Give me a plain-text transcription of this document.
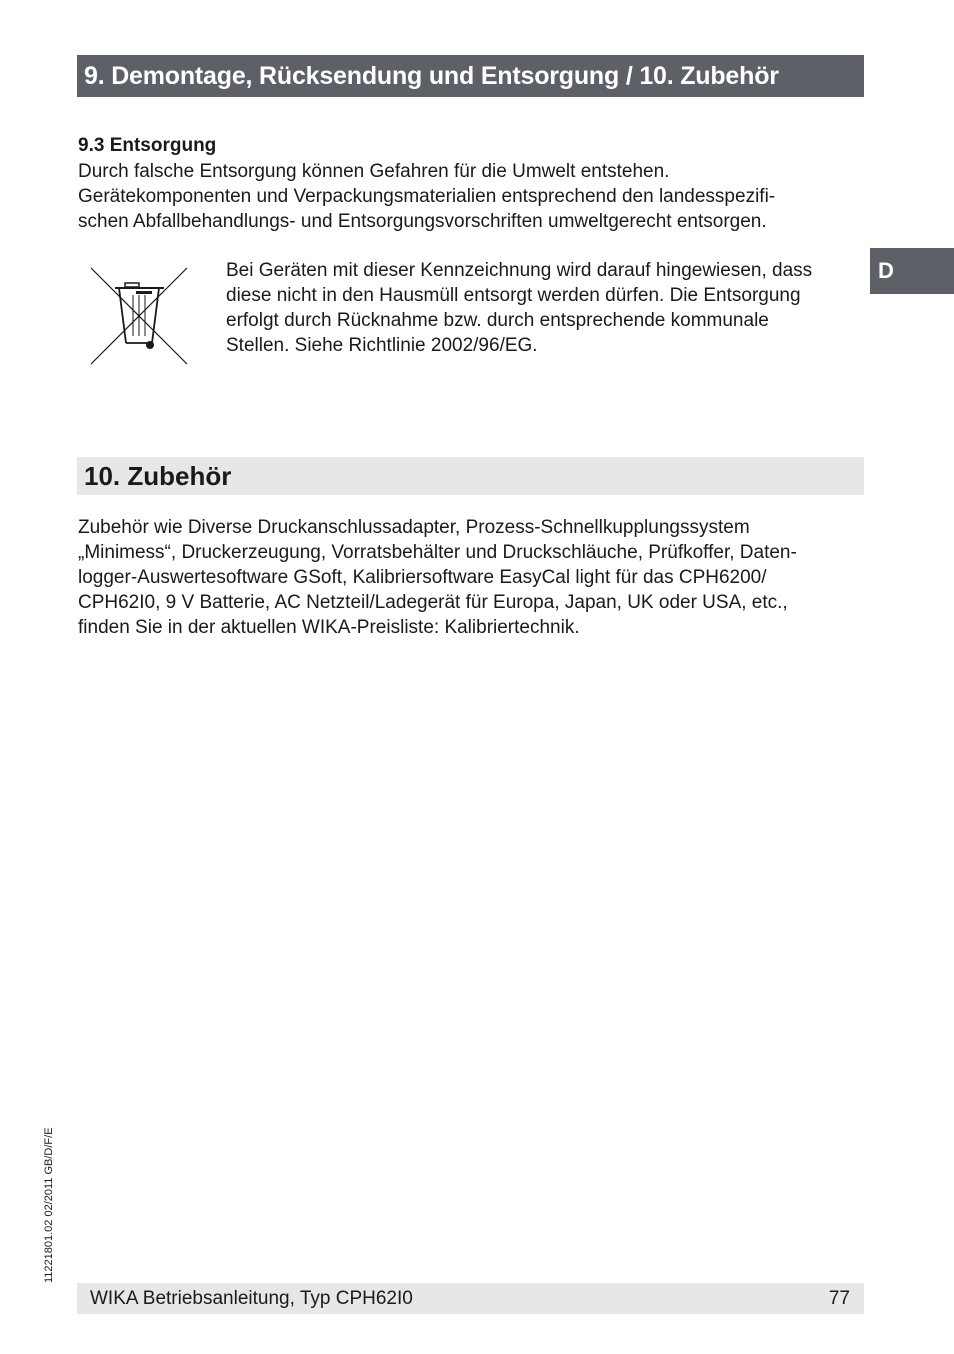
9. Demontage, Rücksendung und Entsorgung / 10. Zubehör
9.3 Entsorgung
Durch falsche Entsorgung können Gefahren für die Umwelt entstehen.
Gerätekomponenten und Verpackungsmaterialien entsprechend den landesspezifi-
schen Abfallbehandlungs- und Entsorgungsvorschriften umweltgerecht entsorgen.
D
Bei Geräten mit dieser Kennzeichnung wird darauf hingewiesen, dass
diese nicht in den Hausmüll entsorgt werden dürfen. Die Entsorgung
erfolgt durch Rücknahme bzw. durch entsprechende kommunale
Stellen. Siehe Richtlinie 2002/96/EG.
10. Zubehör
Zubehör wie Diverse Druckanschlussadapter, Prozess-Schnellkupplungssystem
„Minimess“, Druckerzeugung, Vorratsbehälter und Druckschläuche, Prüfkoffer, Daten-
logger-Auswertesoftware GSoft, Kalibriersoftware EasyCal light für das CPH6200/
CPH62I0, 9 V Batterie, AC Netzteil/Ladegerät für Europa, Japan, UK oder USA, etc.,
finden Sie in der aktuellen WIKA-Preisliste: Kalibriertechnik.
11221801.02 02/2011 GB/D/F/E
WIKA Betriebsanleitung, Typ CPH62I0	77
